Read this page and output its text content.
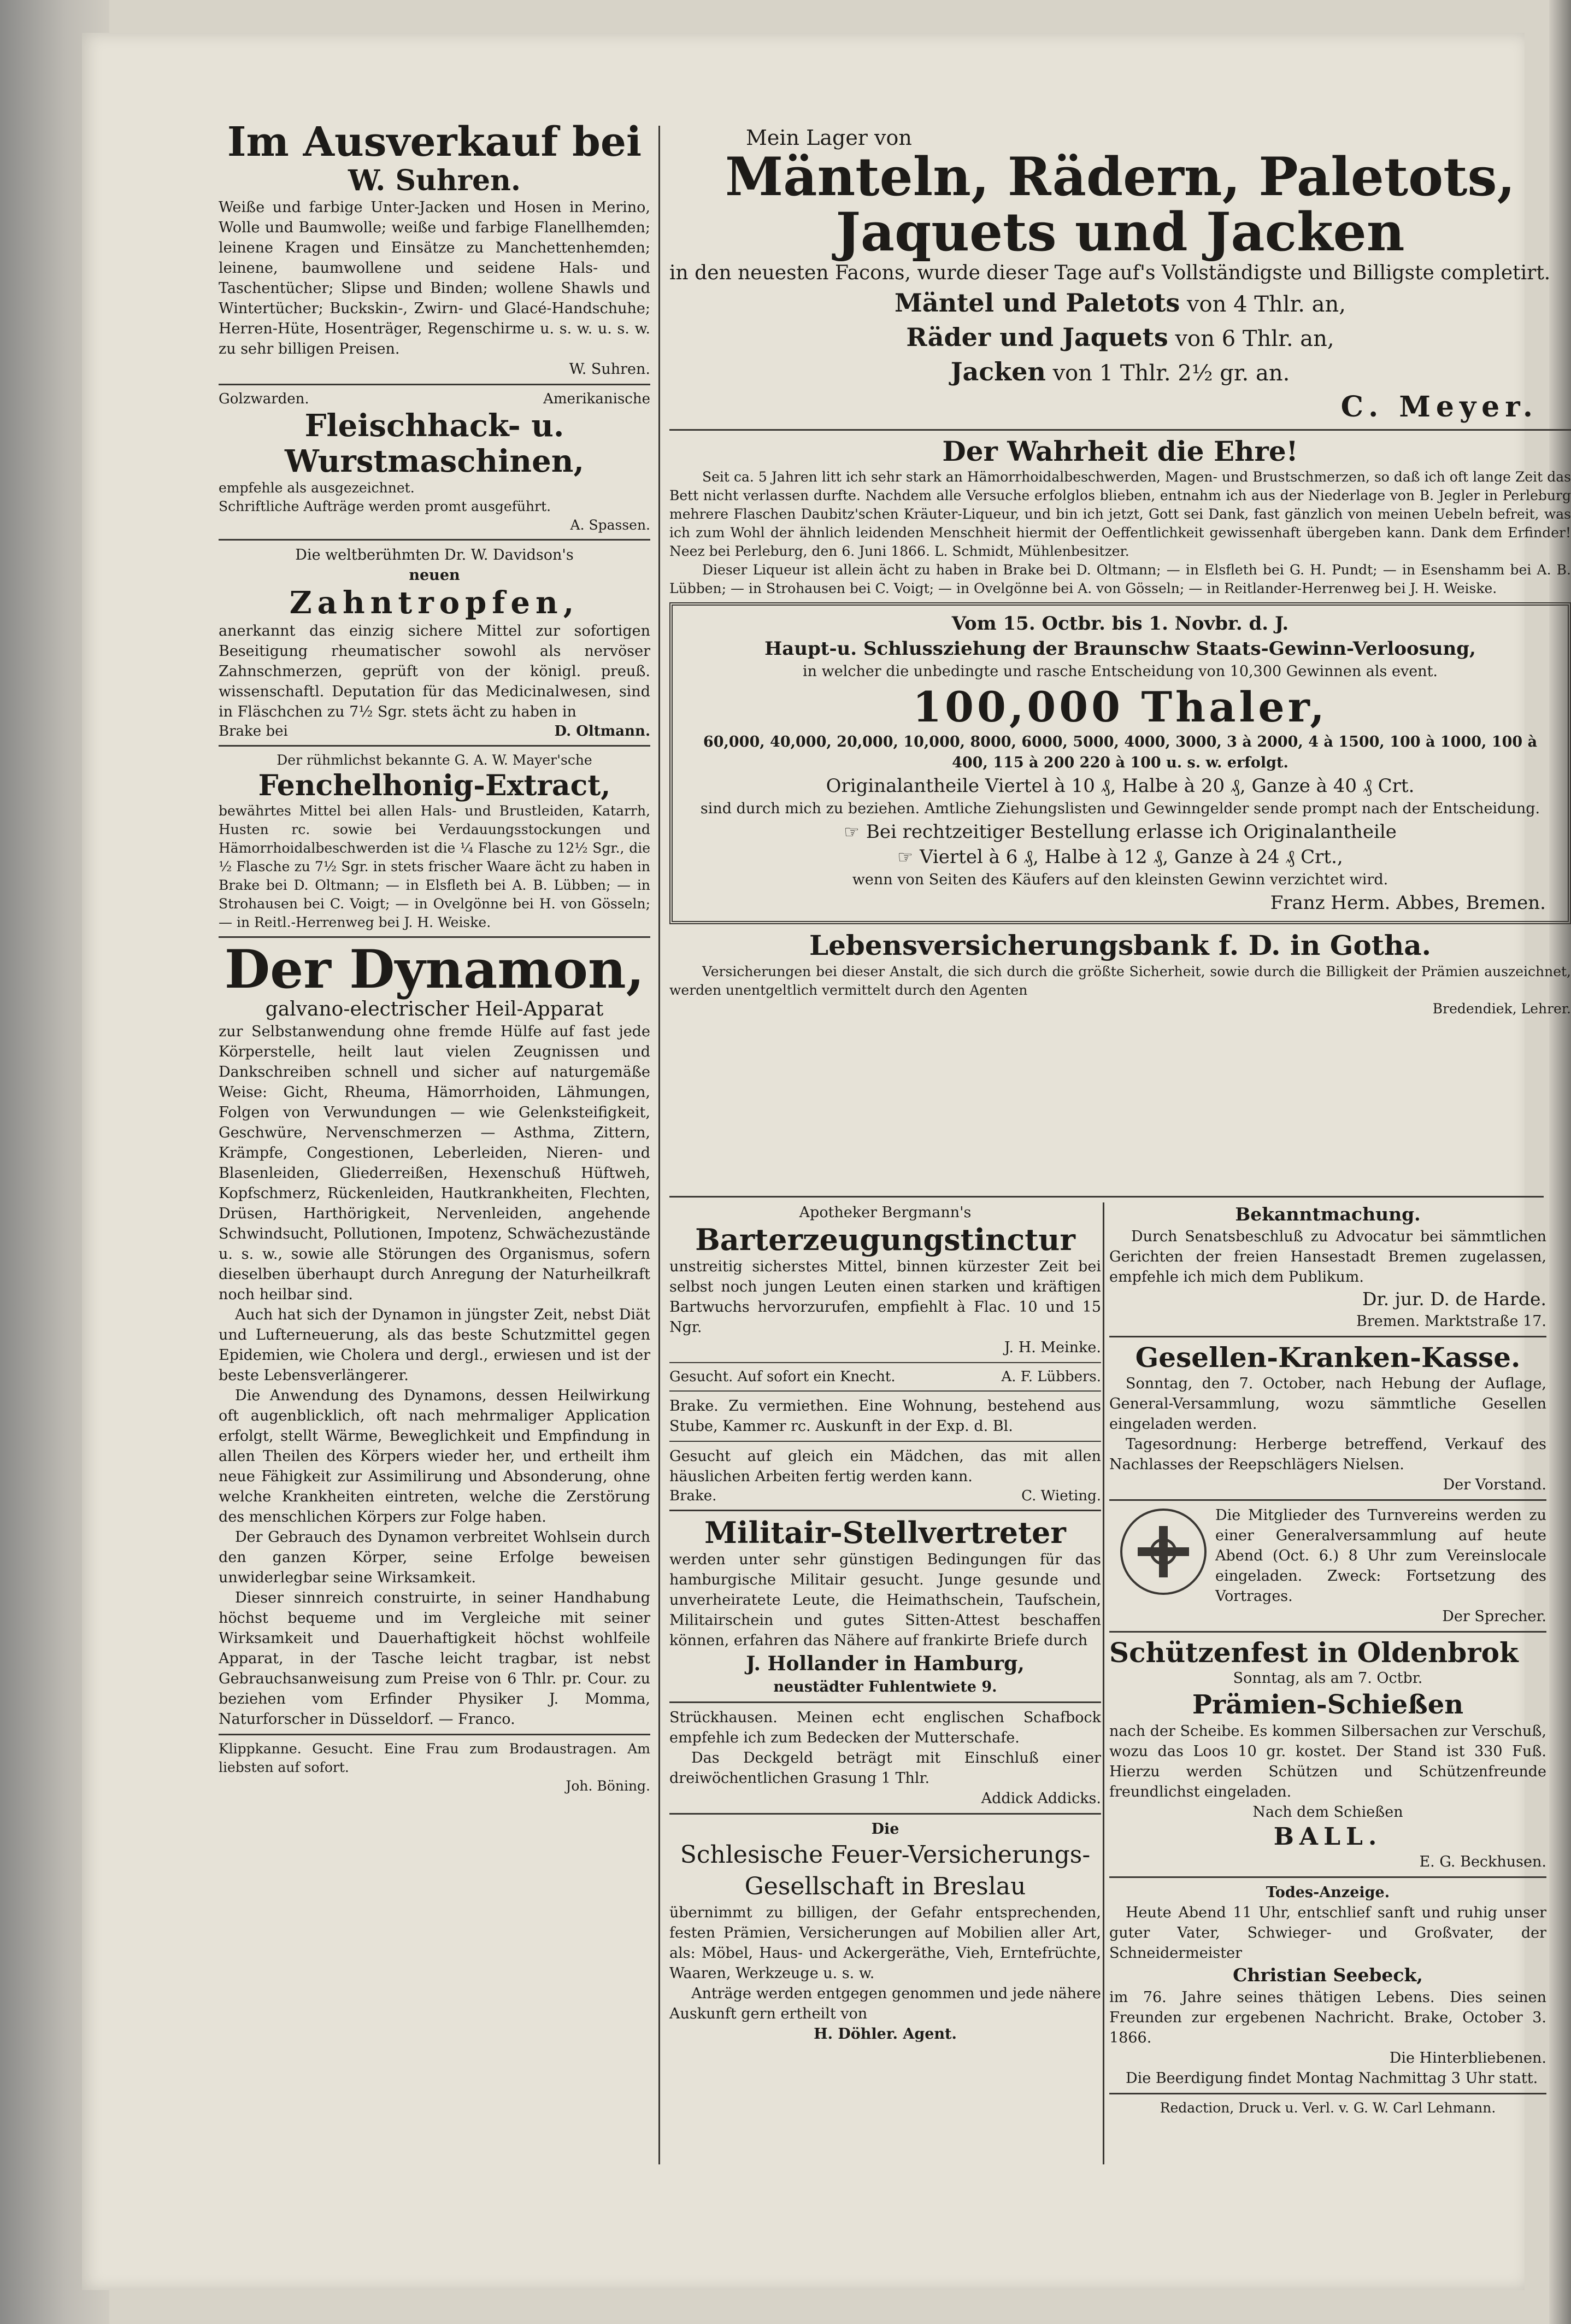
Im Ausverkauf bei
W. Suhren.
Weiße und farbige Unter-Jacken und Hosen in Merino, Wolle und Baumwolle; weiße und farbige Flanellhemden; leinene Kragen und Einsätze zu Manchettenhemden; leinene, baumwollene und seidene Hals- und Taschentücher; Slipse und Binden; wollene Shawls und Wintertücher; Buckskin-, Zwirn- und Glacé-Handschuhe; Herren-Hüte, Hosenträger, Regenschirme u. s. w. u. s. w. zu sehr billigen Preisen.
W. Suhren.
Golzwarden.	Amerikanische
Fleischhack- u. Wurstmaschinen,
empfehle als ausgezeichnet.
Schriftliche Aufträge werden promt ausgeführt.
A. Spassen.
Die weltberühmten Dr. W. Davidson's
neuen
Zahntropfen,
anerkannt das einzig sichere Mittel zur sofortigen Beseitigung rheumatischer sowohl als nervöser Zahnschmerzen, geprüft von der königl. preuß. wissenschaftl. Deputation für das Medicinalwesen, sind in Fläschchen zu 7½ Sgr. stets ächt zu haben in
Brake bei	D. Oltmann.
Der rühmlichst bekannte G. A. W. Mayer'sche
Fenchelhonig-Extract,
bewährtes Mittel bei allen Hals- und Brustleiden, Katarrh, Husten rc. sowie bei Verdauungsstockungen und Hämorrhoidalbeschwerden ist die ¼ Flasche zu 12½ Sgr., die ½ Flasche zu 7½ Sgr. in stets frischer Waare ächt zu haben in Brake bei D. Oltmann; — in Elsfleth bei A. B. Lübben; — in Strohausen bei C. Voigt; — in Ovelgönne bei H. von Gösseln; — in Reitl.-Herrenweg bei J. H. Weiske.
Der Dynamon,
galvano-electrischer Heil-Apparat
zur Selbstanwendung ohne fremde Hülfe auf fast jede Körperstelle, heilt laut vielen Zeugnissen und Dankschreiben schnell und sicher auf naturgemäße Weise: Gicht, Rheuma, Hämorrhoiden, Lähmungen, Folgen von Verwundungen — wie Gelenksteifigkeit, Geschwüre, Nervenschmerzen — Asthma, Zittern, Krämpfe, Congestionen, Leberleiden, Nieren- und Blasenleiden, Gliederreißen, Hexenschuß Hüftweh, Kopfschmerz, Rückenleiden, Hautkrankheiten, Flechten, Drüsen, Harthörigkeit, Nervenleiden, angehende Schwindsucht, Pollutionen, Impotenz, Schwächezustände u. s. w., sowie alle Störungen des Organismus, sofern dieselben überhaupt durch Anregung der Naturheilkraft noch heilbar sind.
Auch hat sich der Dynamon in jüngster Zeit, nebst Diät und Lufterneuerung, als das beste Schutzmittel gegen Epidemien, wie Cholera und dergl., erwiesen und ist der beste Lebensverlängerer.
Die Anwendung des Dynamons, dessen Heilwirkung oft augenblicklich, oft nach mehrmaliger Application erfolgt, stellt Wärme, Beweglichkeit und Empfindung in allen Theilen des Körpers wieder her, und ertheilt ihm neue Fähigkeit zur Assimilirung und Absonderung, ohne welche Krankheiten eintreten, welche die Zerstörung des menschlichen Körpers zur Folge haben.
Der Gebrauch des Dynamon verbreitet Wohlsein durch den ganzen Körper, seine Erfolge beweisen unwiderlegbar seine Wirksamkeit.
Dieser sinnreich construirte, in seiner Handhabung höchst bequeme und im Vergleiche mit seiner Wirksamkeit und Dauerhaftigkeit höchst wohlfeile Apparat, in der Tasche leicht tragbar, ist nebst Gebrauchsanweisung zum Preise von 6 Thlr. pr. Cour. zu beziehen vom Erfinder Physiker J. Momma, Naturforscher in Düsseldorf. — Franco.
Klippkanne. Gesucht. Eine Frau zum Brodaustragen. Am liebsten auf sofort.
Joh. Böning.
Mein Lager von
Mänteln, Rädern, Paletots,
Jaquets und Jacken
in den neuesten Facons, wurde dieser Tage auf's Vollständigste und Billigste completirt.
Mäntel und Paletots von 4 Thlr. an,
Räder und Jaquets von 6 Thlr. an,
Jacken von 1 Thlr. 2½ gr. an.
C. Meyer.
Der Wahrheit die Ehre!
Seit ca. 5 Jahren litt ich sehr stark an Hämorrhoidalbeschwerden, Magen- und Brustschmerzen, so daß ich oft lange Zeit das Bett nicht verlassen durfte. Nachdem alle Versuche erfolglos blieben, entnahm ich aus der Niederlage von B. Jegler in Perleburg mehrere Flaschen Daubitz'schen Kräuter-Liqueur, und bin ich jetzt, Gott sei Dank, fast gänzlich von meinen Uebeln befreit, was ich zum Wohl der ähnlich leidenden Menschheit hiermit der Oeffentlichkeit gewissenhaft übergeben kann. Dank dem Erfinder! Neez bei Perleburg, den 6. Juni 1866. L. Schmidt, Mühlenbesitzer.
Dieser Liqueur ist allein ächt zu haben in Brake bei D. Oltmann; — in Elsfleth bei G. H. Pundt; — in Esenshamm bei A. B. Lübben; — in Strohausen bei C. Voigt; — in Ovelgönne bei A. von Gösseln; — in Reitlander-Herrenweg bei J. H. Weiske.
Vom 15. Octbr. bis 1. Novbr. d. J.
Haupt-u. Schlussziehung der Braunschw Staats-Gewinn-Verloosung,
in welcher die unbedingte und rasche Entscheidung von 10,300 Gewinnen als event.
100,000 Thaler,
60,000, 40,000, 20,000, 10,000, 8000, 6000, 5000, 4000, 3000, 3 à 2000, 4 à 1500, 100 à 1000, 100 à 400, 115 à 200 220 à 100 u. s. w. erfolgt.
Originalantheile Viertel à 10 ₰, Halbe à 20 ₰, Ganze à 40 ₰ Crt.
sind durch mich zu beziehen. Amtliche Ziehungslisten und Gewinngelder sende prompt nach der Entscheidung.
☞ Bei rechtzeitiger Bestellung erlasse ich Originalantheile
☞ Viertel à 6 ₰, Halbe à 12 ₰, Ganze à 24 ₰ Crt.,
wenn von Seiten des Käufers auf den kleinsten Gewinn verzichtet wird.
Franz Herm. Abbes, Bremen.
Lebensversicherungsbank f. D. in Gotha.
Versicherungen bei dieser Anstalt, die sich durch die größte Sicherheit, sowie durch die Billigkeit der Prämien auszeichnet, werden unentgeltlich vermittelt durch den Agenten
Bredendiek, Lehrer.
Apotheker Bergmann's
Barterzeugungstinctur
unstreitig sicherstes Mittel, binnen kürzester Zeit bei selbst noch jungen Leuten einen starken und kräftigen Bartwuchs hervorzurufen, empfiehlt à Flac. 10 und 15 Ngr.
J. H. Meinke.
Gesucht. Auf sofort ein Knecht.	A. F. Lübbers.
Brake. Zu vermiethen. Eine Wohnung, bestehend aus Stube, Kammer rc. Auskunft in der Exp. d. Bl.
Gesucht auf gleich ein Mädchen, das mit allen häuslichen Arbeiten fertig werden kann.
Brake.	C. Wieting.
Militair-Stellvertreter
werden unter sehr günstigen Bedingungen für das hamburgische Militair gesucht. Junge gesunde und unverheiratete Leute, die Heimathschein, Taufschein, Militairschein und gutes Sitten-Attest beschaffen können, erfahren das Nähere auf frankirte Briefe durch
J. Hollander in Hamburg,
neustädter Fuhlentwiete 9.
Strückhausen. Meinen echt englischen Schafbock empfehle ich zum Bedecken der Mutterschafe.
Das Deckgeld beträgt mit Einschluß einer dreiwöchentlichen Grasung 1 Thlr.
Addick Addicks.
Die
Schlesische Feuer-Versicherungs-Gesellschaft in Breslau
übernimmt zu billigen, der Gefahr entsprechenden, festen Prämien, Versicherungen auf Mobilien aller Art, als: Möbel, Haus- und Ackergeräthe, Vieh, Erntefrüchte, Waaren, Werkzeuge u. s. w.
Anträge werden entgegen genommen und jede nähere Auskunft gern ertheilt von
H. Döhler. Agent.
Bekanntmachung.
Durch Senatsbeschluß zu Advocatur bei sämmtlichen Gerichten der freien Hansestadt Bremen zugelassen, empfehle ich mich dem Publikum.
Dr. jur. D. de Harde.
Bremen. Marktstraße 17.
Gesellen-Kranken-Kasse.
Sonntag, den 7. October, nach Hebung der Auflage, General-Versammlung, wozu sämmtliche Gesellen eingeladen werden.
Tagesordnung: Herberge betreffend, Verkauf des Nachlasses der Reepschlägers Nielsen.
Der Vorstand.
Die Mitglieder des Turnvereins werden zu einer Generalversammlung auf heute Abend (Oct. 6.) 8 Uhr zum Vereinslocale eingeladen. Zweck: Fortsetzung des Vortrages.
Der Sprecher.
Schützenfest in Oldenbrok
Sonntag, als am 7. Octbr.
Prämien-Schießen
nach der Scheibe. Es kommen Silbersachen zur Verschuß, wozu das Loos 10 gr. kostet. Der Stand ist 330 Fuß. Hierzu werden Schützen und Schützenfreunde freundlichst eingeladen.
Nach dem Schießen
BALL.
E. G. Beckhusen.
Todes-Anzeige.
Heute Abend 11 Uhr, entschlief sanft und ruhig unser guter Vater, Schwieger- und Großvater, der Schneidermeister
Christian Seebeck,
im 76. Jahre seines thätigen Lebens. Dies seinen Freunden zur ergebenen Nachricht. Brake, October 3. 1866.
Die Hinterbliebenen.
Die Beerdigung findet Montag Nachmittag 3 Uhr statt.
Redaction, Druck u. Verl. v. G. W. Carl Lehmann.
